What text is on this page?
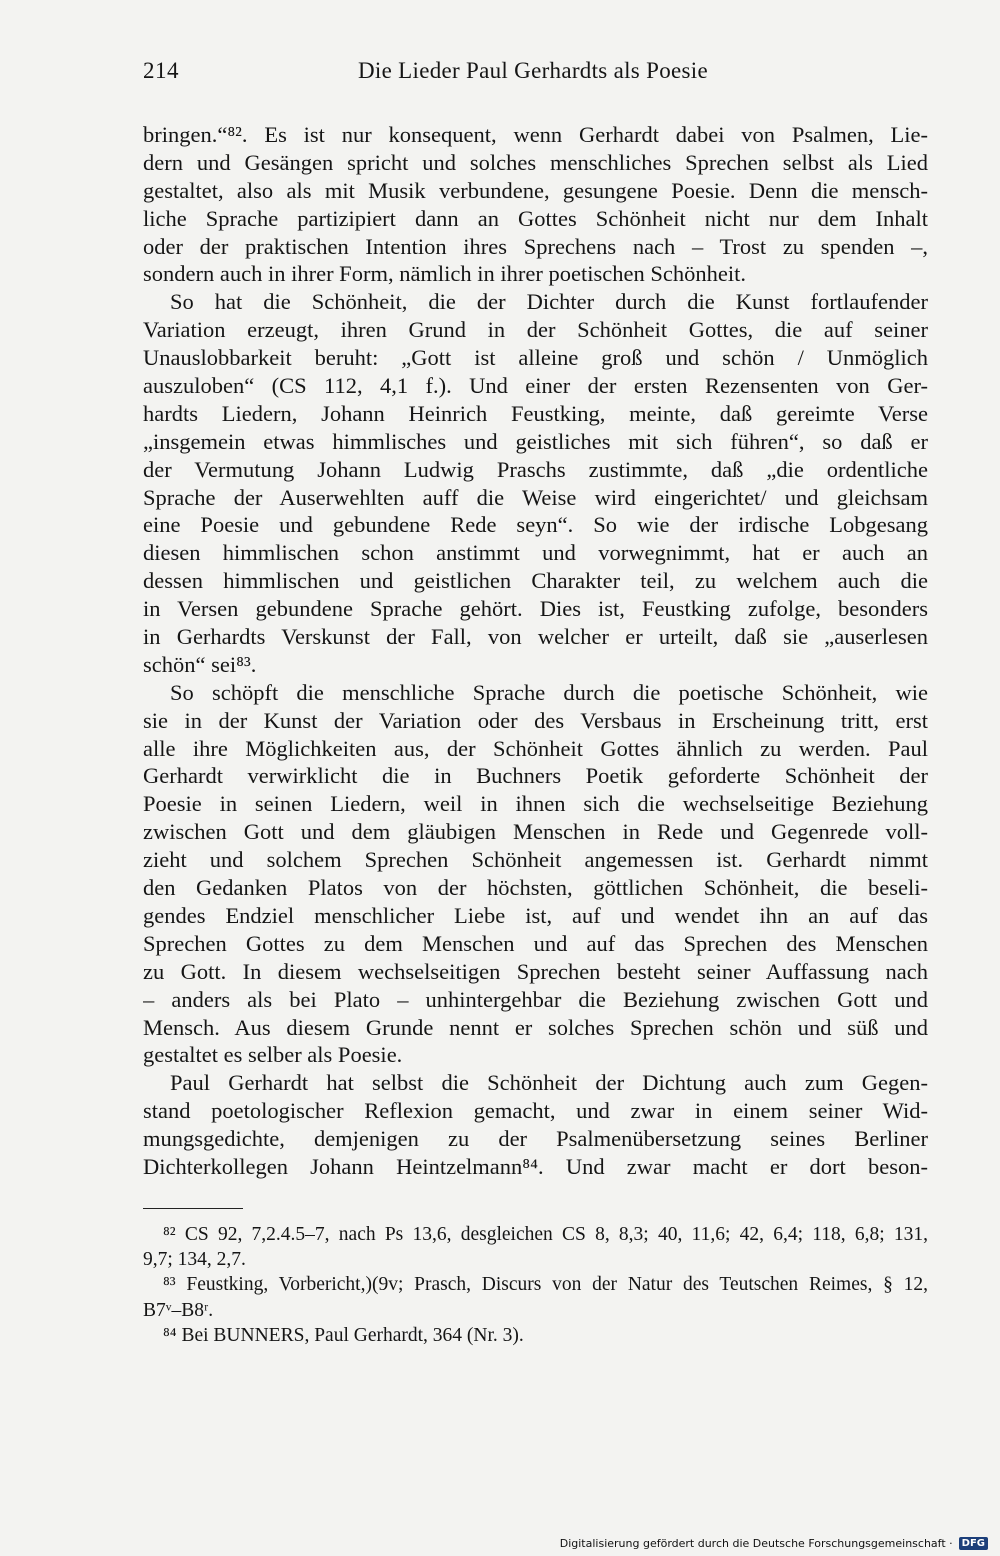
214	Die Lieder Paul Gerhardts als Poesie
bringen.“⁸². Es ist nur konsequent, wenn Gerhardt dabei von Psalmen, Lie-
dern und Gesängen spricht und solches menschliches Sprechen selbst als Lied
gestaltet, also als mit Musik verbundene, gesungene Poesie. Denn die mensch-
liche Sprache partizipiert dann an Gottes Schönheit nicht nur dem Inhalt
oder der praktischen Intention ihres Sprechens nach – Trost zu spenden –,
sondern auch in ihrer Form, nämlich in ihrer poetischen Schönheit.
So hat die Schönheit, die der Dichter durch die Kunst fortlaufender
Variation erzeugt, ihren Grund in der Schönheit Gottes, die auf seiner
Unauslobbarkeit beruht: „Gott ist alleine groß und schön / Unmöglich
auszuloben“ (CS 112, 4,1 f.). Und einer der ersten Rezensenten von Ger-
hardts Liedern, Johann Heinrich Feustking, meinte, daß gereimte Verse
„insgemein etwas himmlisches und geistliches mit sich führen“, so daß er
der Vermutung Johann Ludwig Praschs zustimmte, daß „die ordentliche
Sprache der Auserwehlten auff die Weise wird eingerichtet/ und gleichsam
eine Poesie und gebundene Rede seyn“. So wie der irdische Lobgesang
diesen himmlischen schon anstimmt und vorwegnimmt, hat er auch an
dessen himmlischen und geistlichen Charakter teil, zu welchem auch die
in Versen gebundene Sprache gehört. Dies ist, Feustking zufolge, besonders
in Gerhardts Verskunst der Fall, von welcher er urteilt, daß sie „auserlesen
schön“ sei⁸³.
So schöpft die menschliche Sprache durch die poetische Schönheit, wie
sie in der Kunst der Variation oder des Versbaus in Erscheinung tritt, erst
alle ihre Möglichkeiten aus, der Schönheit Gottes ähnlich zu werden. Paul
Gerhardt verwirklicht die in Buchners Poetik geforderte Schönheit der
Poesie in seinen Liedern, weil in ihnen sich die wechselseitige Beziehung
zwischen Gott und dem gläubigen Menschen in Rede und Gegenrede voll-
zieht und solchem Sprechen Schönheit angemessen ist. Gerhardt nimmt
den Gedanken Platos von der höchsten, göttlichen Schönheit, die beseli-
gendes Endziel menschlicher Liebe ist, auf und wendet ihn an auf das
Sprechen Gottes zu dem Menschen und auf das Sprechen des Menschen
zu Gott. In diesem wechselseitigen Sprechen besteht seiner Auffassung nach
– anders als bei Plato – unhintergehbar die Beziehung zwischen Gott und
Mensch. Aus diesem Grunde nennt er solches Sprechen schön und süß und
gestaltet es selber als Poesie.
Paul Gerhardt hat selbst die Schönheit der Dichtung auch zum Gegen-
stand poetologischer Reflexion gemacht, und zwar in einem seiner Wid-
mungsgedichte, demjenigen zu der Psalmenübersetzung seines Berliner
Dichterkollegen Johann Heintzelmann⁸⁴. Und zwar macht er dort beson-
⁸² CS 92, 7,2.4.5–7, nach Ps 13,6, desgleichen CS 8, 8,3; 40, 11,6; 42, 6,4; 118, 6,8; 131,
9,7; 134, 2,7.
⁸³ Feustking, Vorbericht,)(9v; Prasch, Discurs von der Natur des Teutschen Reimes, § 12,
B7ᵛ–B8ʳ.
⁸⁴ Bei BUNNERS, Paul Gerhardt, 364 (Nr. 3).
Digitalisierung gefördert durch die Deutsche Forschungsgemeinschaft · DFG
